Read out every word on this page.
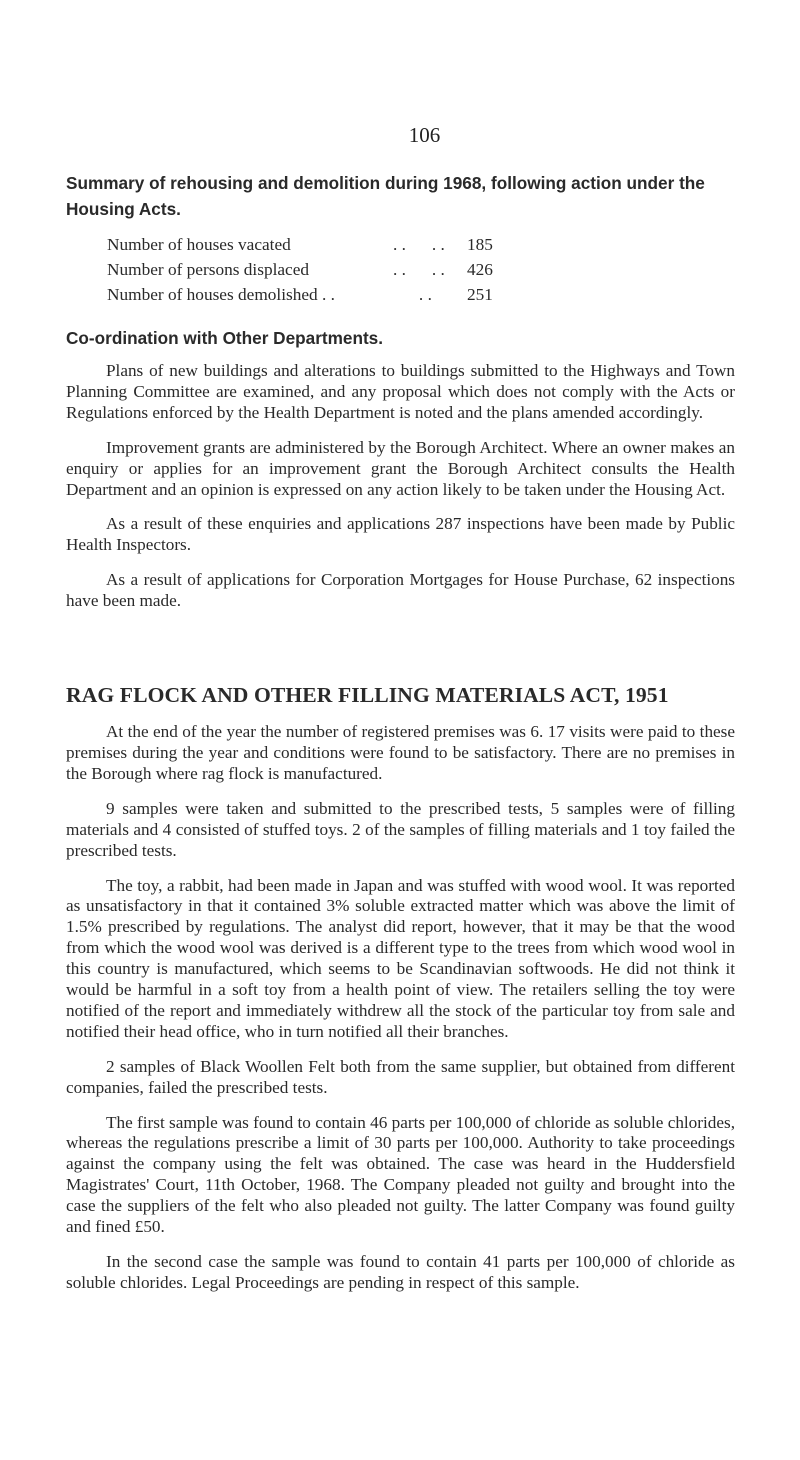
106
Summary of rehousing and demolition during 1968, following action under the Housing Acts.
Number of houses vacated	. .      . .	185
Number of persons displaced	. .      . .	426
Number of houses demolished . .	. .	251
Co-ordination with Other Departments.

Plans of new buildings and alterations to buildings submitted to the Highways and Town Planning Committee are examined, and any proposal which does not comply with the Acts or Regulations enforced by the Health Department is noted and the plans amended accordingly.

Improvement grants are administered by the Borough Architect. Where an owner makes an enquiry or applies for an improvement grant the Borough Architect consults the Health Department and an opinion is expressed on any action likely to be taken under the Housing Act.

As a result of these enquiries and applications 287 inspections have been made by Public Health Inspectors.

As a result of applications for Corporation Mortgages for House Purchase, 62 inspections have been made.

RAG FLOCK AND OTHER FILLING MATERIALS ACT, 1951

At the end of the year the number of registered premises was 6. 17 visits were paid to these premises during the year and conditions were found to be satisfactory. There are no premises in the Borough where rag flock is manufactured.

9 samples were taken and submitted to the prescribed tests, 5 samples were of filling materials and 4 consisted of stuffed toys. 2 of the samples of filling materials and 1 toy failed the prescribed tests.

The toy, a rabbit, had been made in Japan and was stuffed with wood wool. It was reported as unsatisfactory in that it contained 3% soluble extracted matter which was above the limit of 1.5% prescribed by regulations. The analyst did report, however, that it may be that the wood from which the wood wool was derived is a different type to the trees from which wood wool in this country is manufactured, which seems to be Scandinavian softwoods. He did not think it would be harmful in a soft toy from a health point of view. The retailers selling the toy were notified of the report and immediately withdrew all the stock of the particular toy from sale and notified their head office, who in turn notified all their branches.

2 samples of Black Woollen Felt both from the same supplier, but obtained from different companies, failed the prescribed tests.

The first sample was found to contain 46 parts per 100,000 of chloride as soluble chlorides, whereas the regulations prescribe a limit of 30 parts per 100,000. Authority to take proceedings against the company using the felt was obtained. The case was heard in the Huddersfield Magistrates' Court, 11th October, 1968. The Company pleaded not guilty and brought into the case the suppliers of the felt who also pleaded not guilty. The latter Company was found guilty and fined £50.

In the second case the sample was found to contain 41 parts per 100,000 of chloride as soluble chlorides. Legal Proceedings are pending in respect of this sample.
